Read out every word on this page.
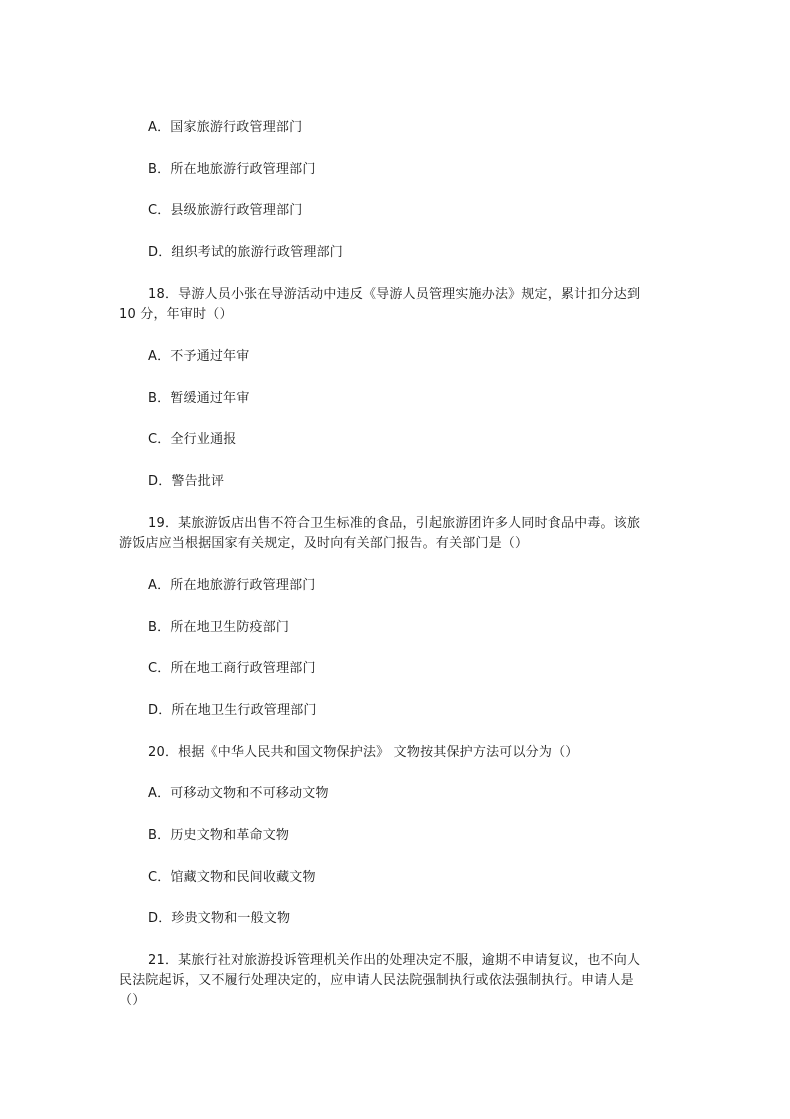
A．国家旅游行政管理部门
B．所在地旅游行政管理部门
C．县级旅游行政管理部门
D．组织考试的旅游行政管理部门
18．导游人员小张在导游活动中违反《导游人员管理实施办法》规定，累计扣分达到
10 分，年审时（）
A．不予通过年审
B．暂缓通过年审
C．全行业通报
D．警告批评
19．某旅游饭店出售不符合卫生标准的食品，引起旅游团许多人同时食品中毒。该旅
游饭店应当根据国家有关规定，及时向有关部门报告。有关部门是（）
A．所在地旅游行政管理部门
B．所在地卫生防疫部门
C．所在地工商行政管理部门
D．所在地卫生行政管理部门
20．根据《中华人民共和国文物保护法》 文物按其保护方法可以分为（）
A．可移动文物和不可移动文物
B．历史文物和革命文物
C．馆藏文物和民间收藏文物
D．珍贵文物和一般文物
21．某旅行社对旅游投诉管理机关作出的处理决定不服，逾期不申请复议，也不向人
民法院起诉，又不履行处理决定的，应申请人民法院强制执行或依法强制执行。申请人是
（）
